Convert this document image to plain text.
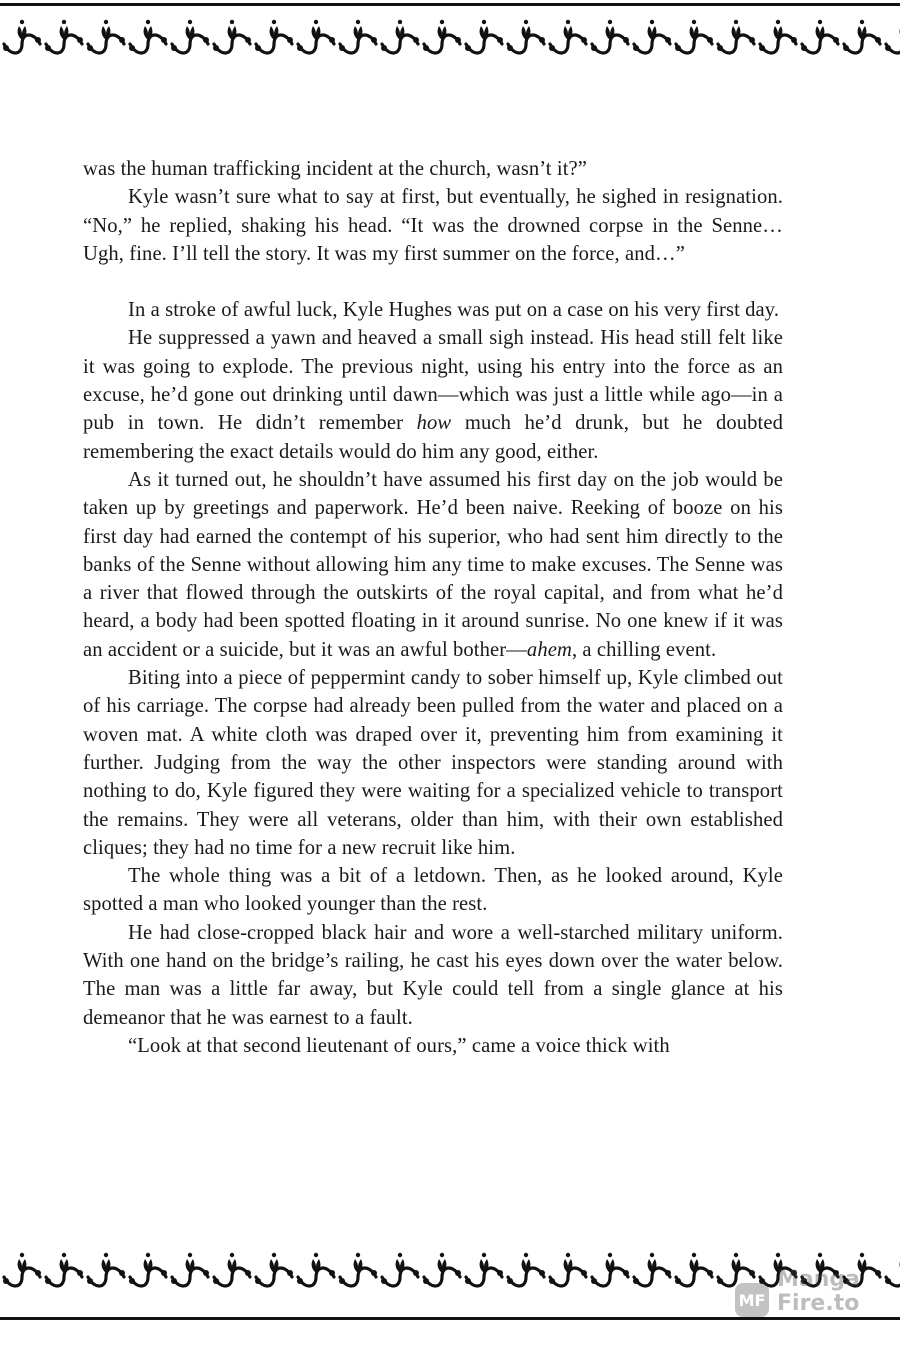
was the human trafficking incident at the church, wasn’t it?”

Kyle wasn’t sure what to say at first, but eventually, he sighed in resignation. “No,” he replied, shaking his head. “It was the drowned corpse in the Senne… Ugh, fine. I’ll tell the story. It was my first summer on the force, and…”

In a stroke of awful luck, Kyle Hughes was put on a case on his very first day.

He suppressed a yawn and heaved a small sigh instead. His head still felt like it was going to explode. The previous night, using his entry into the force as an excuse, he’d gone out drinking until dawn—which was just a little while ago—in a pub in town. He didn’t remember how much he’d drunk, but he doubted remembering the exact details would do him any good, either.

As it turned out, he shouldn’t have assumed his first day on the job would be taken up by greetings and paperwork. He’d been naive. Reeking of booze on his first day had earned the contempt of his superior, who had sent him directly to the banks of the Senne without allowing him any time to make excuses. The Senne was a river that flowed through the outskirts of the royal capital, and from what he’d heard, a body had been spotted floating in it around sunrise. No one knew if it was an accident or a suicide, but it was an awful bother—ahem, a chilling event.

Biting into a piece of peppermint candy to sober himself up, Kyle climbed out of his carriage. The corpse had already been pulled from the water and placed on a woven mat. A white cloth was draped over it, preventing him from examining it further. Judging from the way the other inspectors were standing around with nothing to do, Kyle figured they were waiting for a specialized vehicle to transport the remains. They were all veterans, older than him, with their own established cliques; they had no time for a new recruit like him.

The whole thing was a bit of a letdown. Then, as he looked around, Kyle spotted a man who looked younger than the rest.

He had close-cropped black hair and wore a well-starched military uniform. With one hand on the bridge’s railing, he cast his eyes down over the water below. The man was a little far away, but Kyle could tell from a single glance at his demeanor that he was earnest to a fault.

“Look at that second lieutenant of ours,” came a voice thick with

MF
Manga
Fire.to
